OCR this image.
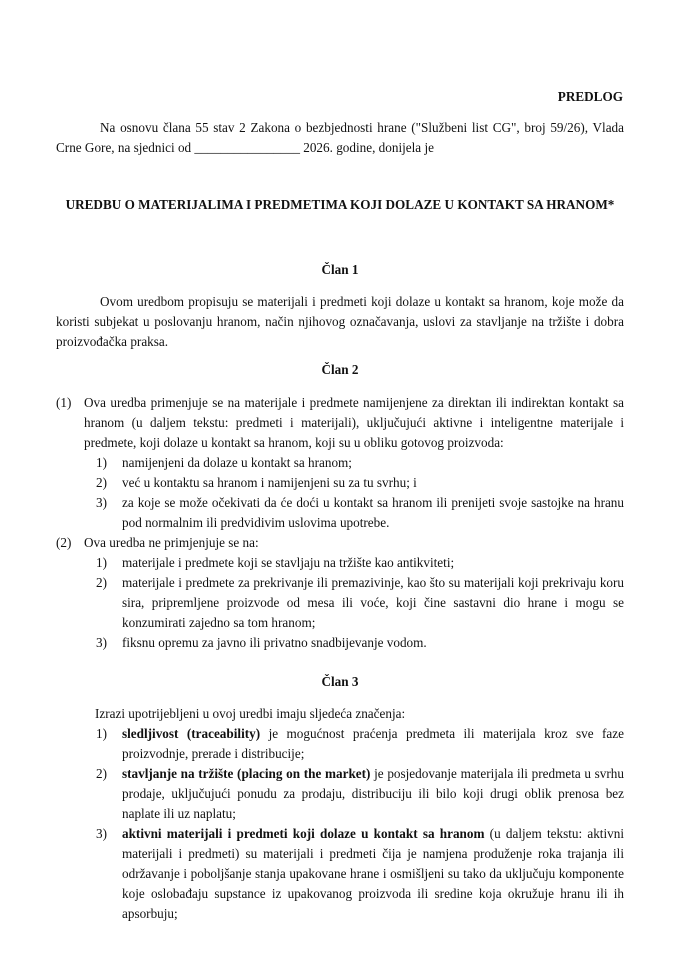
PREDLOG
Na osnovu člana 55 stav 2 Zakona o bezbjednosti hrane ("Službeni list CG", broj 59/26), Vlada Crne Gore, na sjednici od ________________ 2026. godine, donijela je
UREDBU O MATERIJALIMA I PREDMETIMA KOJI DOLAZE U KONTAKT SA HRANOM*
Član 1
Ovom uredbom propisuju se materijali i predmeti koji dolaze u kontakt sa hranom, koje može da koristi subjekat u poslovanju hranom, način njihovog označavanja, uslovi za stavljanje na tržište i dobra proizvođačka praksa.
Član 2
(1) Ova uredba primenjuje se na materijale i predmete namijenjene za direktan ili indirektan kontakt sa hranom (u daljem tekstu: predmeti i materijali), uključujući aktivne i inteligentne materijale i predmete, koji dolaze u kontakt sa hranom, koji su u obliku gotovog proizvoda:
1) namijenjeni da dolaze u kontakt sa hranom;
2) već u kontaktu sa hranom i namijenjeni su za tu svrhu; i
3) za koje se može očekivati da će doći u kontakt sa hranom ili prenijeti svoje sastojke na hranu pod normalnim ili predvidivim uslovima upotrebe.
(2) Ova uredba ne primjenjuje se na:
1) materijale i predmete koji se stavljaju na tržište kao antikviteti;
2) materijale i predmete za prekrivanje ili premazivinje, kao što su materijali koji prekrivaju koru sira, pripremljene proizvode od mesa ili voće, koji čine sastavni dio hrane i mogu se konzumirati zajedno sa tom hranom;
3) fiksnu opremu za javno ili privatno snadbijevanje vodom.
Član 3
Izrazi upotrijebljeni u ovoj uredbi imaju sljedeća značenja:
1) sledljivost (traceability) je mogućnost praćenja predmeta ili materijala kroz sve faze proizvodnje, prerade i distribucije;
2) stavljanje na tržište (placing on the market) je posjedovanje materijala ili predmeta u svrhu prodaje, uključujući ponudu za prodaju, distribuciju ili bilo koji drugi oblik prenosa bez naplate ili uz naplatu;
3) aktivni materijali i predmeti koji dolaze u kontakt sa hranom (u daljem tekstu: aktivni materijali i predmeti) su materijali i predmeti čija je namjena produženje roka trajanja ili održavanje i poboljšanje stanja upakovane hrane i osmišljeni su tako da uključuju komponente koje oslobađaju supstance iz upakovanog proizvoda ili sredine koja okružuje hranu ili ih apsorbuju;
